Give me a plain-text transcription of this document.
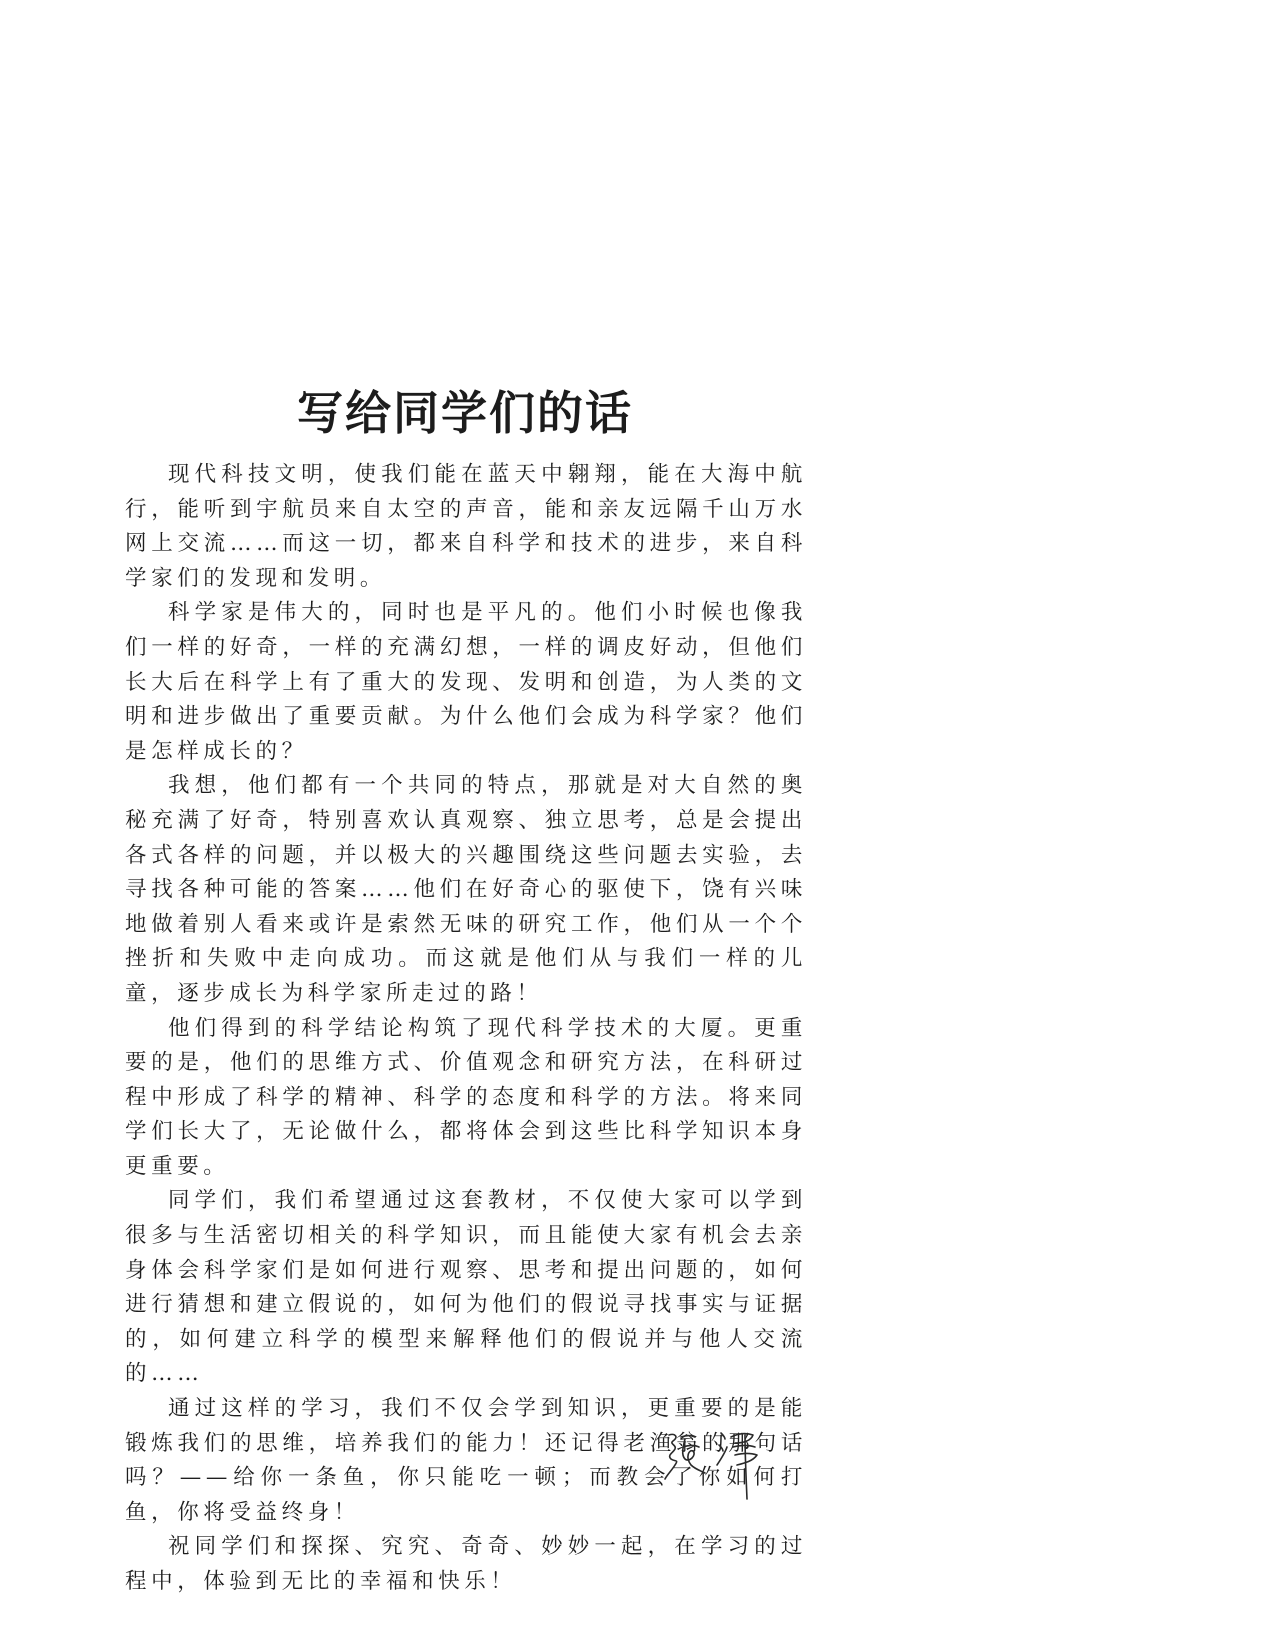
写给同学们的话

现代科技文明，使我们能在蓝天中翱翔，能在大海中航行，能听到宇航员来自太空的声音，能和亲友远隔千山万水网上交流……而这一切，都来自科学和技术的进步，来自科学家们的发现和发明。

科学家是伟大的，同时也是平凡的。他们小时候也像我们一样的好奇，一样的充满幻想，一样的调皮好动，但他们长大后在科学上有了重大的发现、发明和创造，为人类的文明和进步做出了重要贡献。为什么他们会成为科学家？他们是怎样成长的？

我想，他们都有一个共同的特点，那就是对大自然的奥秘充满了好奇，特别喜欢认真观察、独立思考，总是会提出各式各样的问题，并以极大的兴趣围绕这些问题去实验，去寻找各种可能的答案……他们在好奇心的驱使下，饶有兴味地做着别人看来或许是索然无味的研究工作，他们从一个个挫折和失败中走向成功。而这就是他们从与我们一样的儿童，逐步成长为科学家所走过的路！

他们得到的科学结论构筑了现代科学技术的大厦。更重要的是，他们的思维方式、价值观念和研究方法，在科研过程中形成了科学的精神、科学的态度和科学的方法。将来同学们长大了，无论做什么，都将体会到这些比科学知识本身更重要。

同学们，我们希望通过这套教材，不仅使大家可以学到很多与生活密切相关的科学知识，而且能使大家有机会去亲身体会科学家们是如何进行观察、思考和提出问题的，如何进行猜想和建立假说的，如何为他们的假说寻找事实与证据的，如何建立科学的模型来解释他们的假说并与他人交流的……

通过这样的学习，我们不仅会学到知识，更重要的是能锻炼我们的思维，培养我们的能力！还记得老渔翁的那句话吗？——给你一条鱼，你只能吃一顿；而教会了你如何打鱼，你将受益终身！

祝同学们和探探、究究、奇奇、妙妙一起，在学习的过程中，体验到无比的幸福和快乐！
